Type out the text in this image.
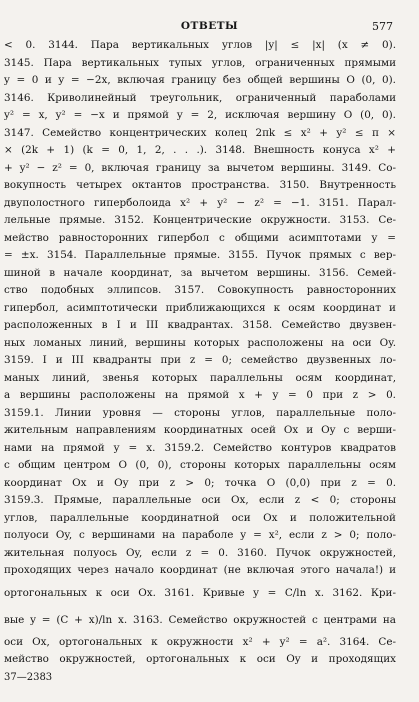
ОТВЕТЫ	577
< 0. 3144. Пара вертикальных углов |y| ≤ |x| (x ≠ 0).
3145. Пара вертикальных тупых углов, ограниченных прямыми
y = 0 и y = −2x, включая границу без общей вершины O (0, 0).
3146. Криволинейный треугольник, ограниченный параболами
y² = x, y² = −x и прямой y = 2, исключая вершину O (0, 0).
3147. Семейство концентрических колец 2πk ≤ x² + y² ≤ π ×
× (2k + 1) (k = 0, 1, 2, . . .). 3148. Внешность конуса x² +
+ y² − z² = 0, включая границу за вычетом вершины. 3149. Со-
вокупность четырех октантов пространства. 3150. Внутренность
двуполостного гиперболоида x² + y² − z² = −1. 3151. Парал-
лельные прямые. 3152. Концентрические окружности. 3153. Се-
мейство равносторонних гипербол с общими асимптотами y =
= ±x. 3154. Параллельные прямые. 3155. Пучок прямых с вер-
шиной в начале координат, за вычетом вершины. 3156. Семей-
ство подобных эллипсов. 3157. Совокупность равносторонних
гипербол, асимптотически приближающихся к осям координат и
расположенных в I и III квадрантах. 3158. Семейство двузвен-
ных ломаных линий, вершины которых расположены на оси Oy.
3159. I и III квадранты при z = 0; семейство двузвенных ло-
маных линий, звенья которых параллельны осям координат,
а вершины расположены на прямой x + y = 0 при z > 0.
3159.1. Линии уровня — стороны углов, параллельные поло-
жительным направлениям координатных осей Ox и Oy с верши-
нами на прямой y = x. 3159.2. Семейство контуров квадратов
с общим центром O (0, 0), стороны которых параллельны осям
координат Ox и Oy при z > 0; точка O (0,0) при z = 0.
3159.3. Прямые, параллельные оси Ox, если z < 0; стороны
углов, параллельные координатной оси Ox и положительной
полуоси Oy, с вершинами на параболе y = x², если z > 0; поло-
жительная полуось Oy, если z = 0. 3160. Пучок окружностей,
проходящих через начало координат (не включая этого начала!) и
ортогональных к оси Ox. 3161. Кривые y = C/ln x. 3162. Кри-
вые y = (C + x)/ln x. 3163. Семейство окружностей с центрами на
оси Ox, ортогональных к окружности x² + y² = a². 3164. Се-
мейство окружностей, ортогональных к оси Oy и проходящих
37—2383
